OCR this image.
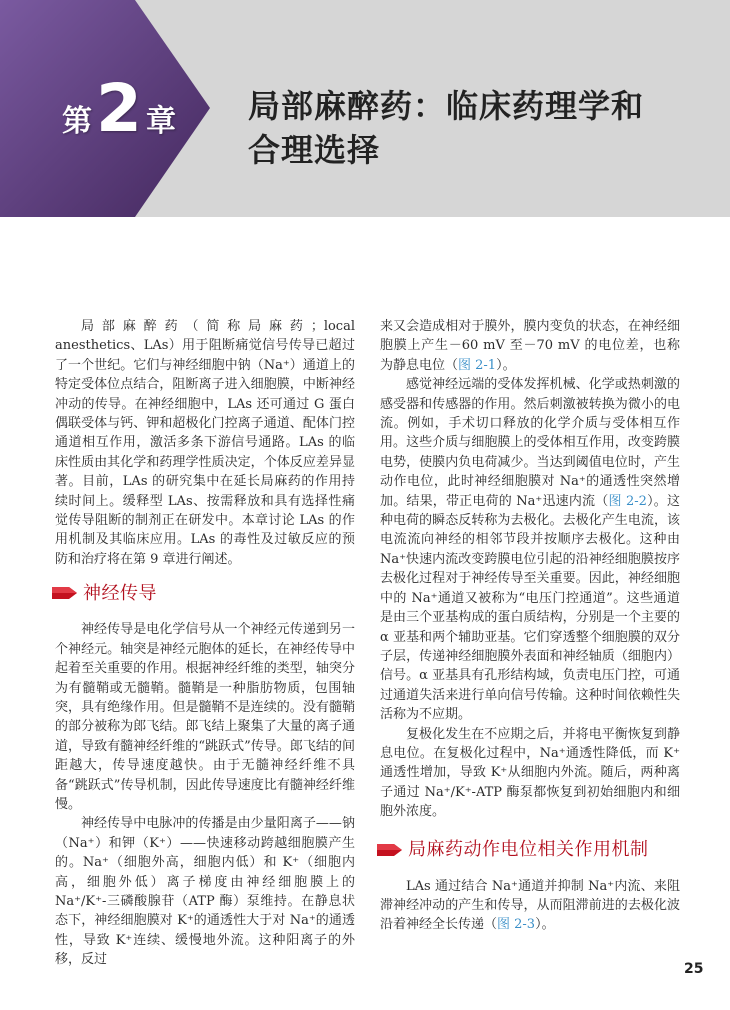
第 2 章 局部麻醉药：临床药理学和
合理选择

局部麻醉药（简称局麻药；local anesthetics、LAs）用于阻断痛觉信号传导已超过了一个世纪。它们与神经细胞中钠（Na⁺）通道上的特定受体位点结合，阻断离子进入细胞膜，中断神经冲动的传导。在神经细胞中，LAs 还可通过 G 蛋白偶联受体与钙、钾和超极化门控离子通道、配体门控通道相互作用，激活多条下游信号通路。LAs 的临床性质由其化学和药理学性质决定，个体反应差异显著。目前，LAs 的研究集中在延长局麻药的作用持续时间上。缓释型 LAs、按需释放和具有选择性痛觉传导阻断的制剂正在研发中。本章讨论 LAs 的作用机制及其临床应用。LAs 的毒性及过敏反应的预防和治疗将在第 9 章进行阐述。

神经传导

神经传导是电化学信号从一个神经元传递到另一个神经元。轴突是神经元胞体的延长，在神经传导中起着至关重要的作用。根据神经纤维的类型，轴突分为有髓鞘或无髓鞘。髓鞘是一种脂肪物质，包围轴突，具有绝缘作用。但是髓鞘不是连续的。没有髓鞘的部分被称为郎飞结。郎飞结上聚集了大量的离子通道，导致有髓神经纤维的“跳跃式”传导。郎飞结的间距越大，传导速度越快。由于无髓神经纤维不具备“跳跃式”传导机制，因此传导速度比有髓神经纤维慢。

神经传导中电脉冲的传播是由少量阳离子——钠（Na⁺）和钾（K⁺）——快速移动跨越细胞膜产生的。Na⁺（细胞外高，细胞内低）和 K⁺（细胞内高，细胞外低）离子梯度由神经细胞膜上的 Na⁺/K⁺-三磷酸腺苷（ATP 酶）泵维持。在静息状态下，神经细胞膜对 K⁺的通透性大于对 Na⁺的通透性，导致 K⁺连续、缓慢地外流。这种阳离子的外移，反过

来又会造成相对于膜外，膜内变负的状态，在神经细胞膜上产生－60 mV 至－70 mV 的电位差，也称为静息电位（图 2-1）。

感觉神经远端的受体发挥机械、化学或热刺激的感受器和传感器的作用。然后刺激被转换为微小的电流。例如，手术切口释放的化学介质与受体相互作用。这些介质与细胞膜上的受体相互作用，改变跨膜电势，使膜内负电荷减少。当达到阈值电位时，产生动作电位，此时神经细胞膜对 Na⁺的通透性突然增加。结果，带正电荷的 Na⁺迅速内流（图 2-2）。这种电荷的瞬态反转称为去极化。去极化产生电流，该电流流向神经的相邻节段并按顺序去极化。这种由 Na⁺快速内流改变跨膜电位引起的沿神经细胞膜按序去极化过程对于神经传导至关重要。因此，神经细胞中的 Na⁺通道又被称为“电压门控通道”。这些通道是由三个亚基构成的蛋白质结构，分别是一个主要的 α 亚基和两个辅助亚基。它们穿透整个细胞膜的双分子层，传递神经细胞膜外表面和神经轴质（细胞内）信号。α 亚基具有孔形结构域，负责电压门控，可通过通道失活来进行单向信号传输。这种时间依赖性失活称为不应期。

复极化发生在不应期之后，并将电平衡恢复到静息电位。在复极化过程中，Na⁺通透性降低，而 K⁺通透性增加，导致 K⁺从细胞内外流。随后，两种离子通过 Na⁺/K⁺-ATP 酶泵都恢复到初始细胞内和细胞外浓度。

局麻药动作电位相关作用机制

LAs 通过结合 Na⁺通道并抑制 Na⁺内流、来阻滞神经冲动的产生和传导，从而阻滞前进的去极化波沿着神经全长传递（图 2-3）。

25
